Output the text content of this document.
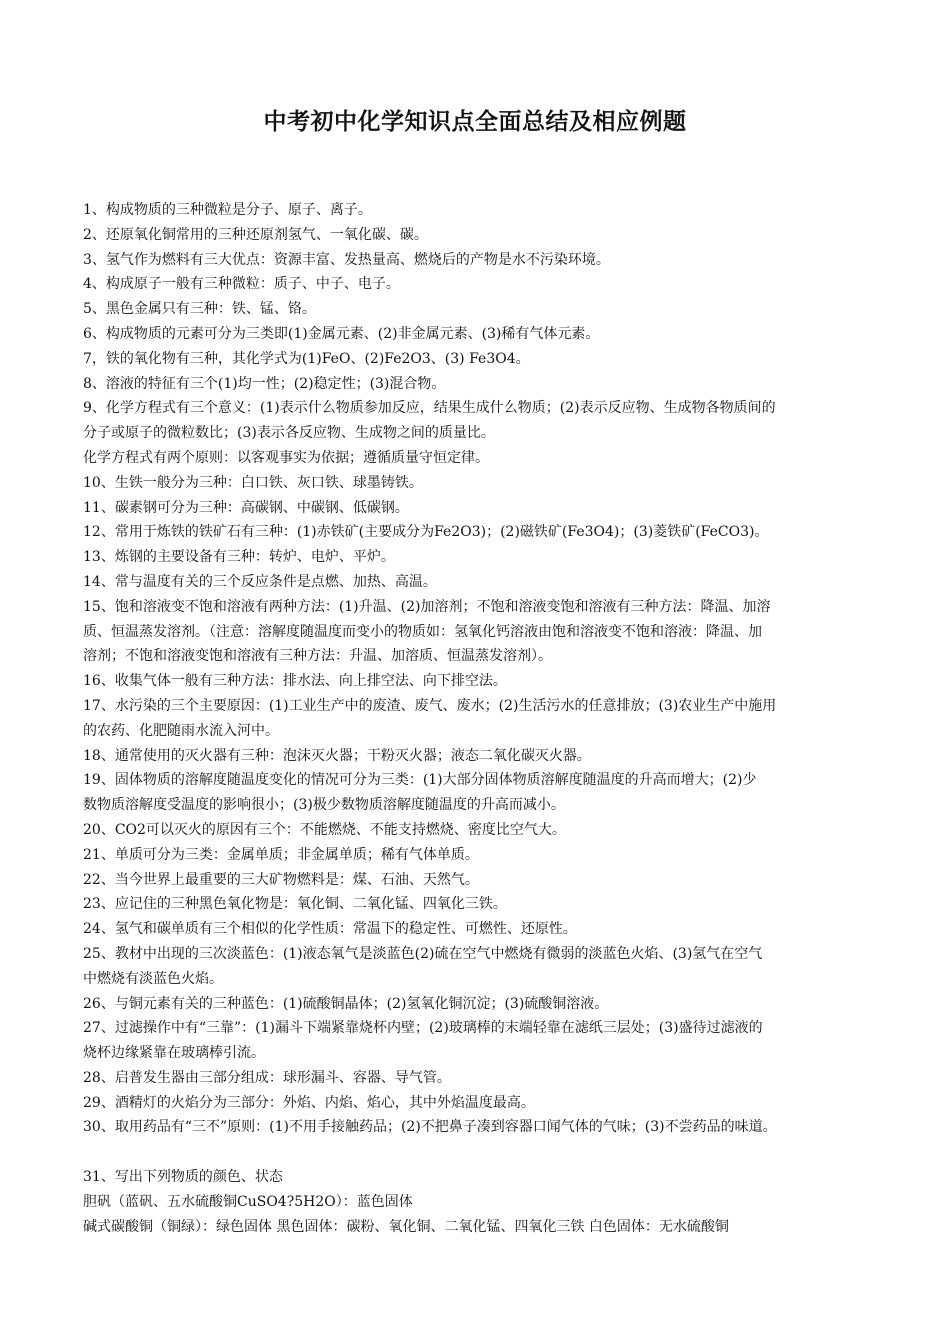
中考初中化学知识点全面总结及相应例题
1、构成物质的三种微粒是分子、原子、离子。
2、还原氧化铜常用的三种还原剂氢气、一氧化碳、碳。
3、氢气作为燃料有三大优点：资源丰富、发热量高、燃烧后的产物是水不污染环境。
4、构成原子一般有三种微粒：质子、中子、电子。
5、黑色金属只有三种：铁、锰、铬。
6、构成物质的元素可分为三类即(1)金属元素、(2)非金属元素、(3)稀有气体元素。
7，铁的氧化物有三种，其化学式为(1)FeO、(2)Fe2O3、(3) Fe3O4。
8、溶液的特征有三个(1)均一性；(2)稳定性；(3)混合物。
9、化学方程式有三个意义：(1)表示什么物质参加反应，结果生成什么物质；(2)表示反应物、生成物各物质间的
分子或原子的微粒数比；(3)表示各反应物、生成物之间的质量比。
化学方程式有两个原则：以客观事实为依据；遵循质量守恒定律。
10、生铁一般分为三种：白口铁、灰口铁、球墨铸铁。
11、碳素钢可分为三种：高碳钢、中碳钢、低碳钢。
12、常用于炼铁的铁矿石有三种：(1)赤铁矿(主要成分为Fe2O3)；(2)磁铁矿(Fe3O4)；(3)菱铁矿(FeCO3)。
13、炼钢的主要设备有三种：转炉、电炉、平炉。
14、常与温度有关的三个反应条件是点燃、加热、高温。
15、饱和溶液变不饱和溶液有两种方法：(1)升温、(2)加溶剂；不饱和溶液变饱和溶液有三种方法：降温、加溶
质、恒温蒸发溶剂。（注意：溶解度随温度而变小的物质如：氢氧化钙溶液由饱和溶液变不饱和溶液：降温、加
溶剂；不饱和溶液变饱和溶液有三种方法：升温、加溶质、恒温蒸发溶剂）。
16、收集气体一般有三种方法：排水法、向上排空法、向下排空法。
17、水污染的三个主要原因：(1)工业生产中的废渣、废气、废水；(2)生活污水的任意排放；(3)农业生产中施用
的农药、化肥随雨水流入河中。
18、通常使用的灭火器有三种：泡沫灭火器；干粉灭火器；液态二氧化碳灭火器。
19、固体物质的溶解度随温度变化的情况可分为三类：(1)大部分固体物质溶解度随温度的升高而增大；(2)少
数物质溶解度受温度的影响很小；(3)极少数物质溶解度随温度的升高而减小。
20、CO2可以灭火的原因有三个：不能燃烧、不能支持燃烧、密度比空气大。
21、单质可分为三类：金属单质；非金属单质；稀有气体单质。
22、当今世界上最重要的三大矿物燃料是：煤、石油、天然气。
23、应记住的三种黑色氧化物是：氧化铜、二氧化锰、四氧化三铁。
24、氢气和碳单质有三个相似的化学性质：常温下的稳定性、可燃性、还原性。
25、教材中出现的三次淡蓝色：(1)液态氧气是淡蓝色(2)硫在空气中燃烧有微弱的淡蓝色火焰、(3)氢气在空气
中燃烧有淡蓝色火焰。
26、与铜元素有关的三种蓝色：(1)硫酸铜晶体；(2)氢氧化铜沉淀；(3)硫酸铜溶液。
27、过滤操作中有“三靠”：(1)漏斗下端紧靠烧杯内壁；(2)玻璃棒的末端轻靠在滤纸三层处；(3)盛待过滤液的
烧杯边缘紧靠在玻璃棒引流。
28、启普发生器由三部分组成：球形漏斗、容器、导气管。
29、酒精灯的火焰分为三部分：外焰、内焰、焰心，其中外焰温度最高。
30、取用药品有“三不”原则：(1)不用手接触药品；(2)不把鼻子凑到容器口闻气体的气味；(3)不尝药品的味道。
31、写出下列物质的颜色、状态
胆矾（蓝矾、五水硫酸铜CuSO4?5H2O）：蓝色固体
碱式碳酸铜（铜绿）：绿色固体 黑色固体：碳粉、氧化铜、二氧化锰、四氧化三铁 白色固体：无水硫酸铜
